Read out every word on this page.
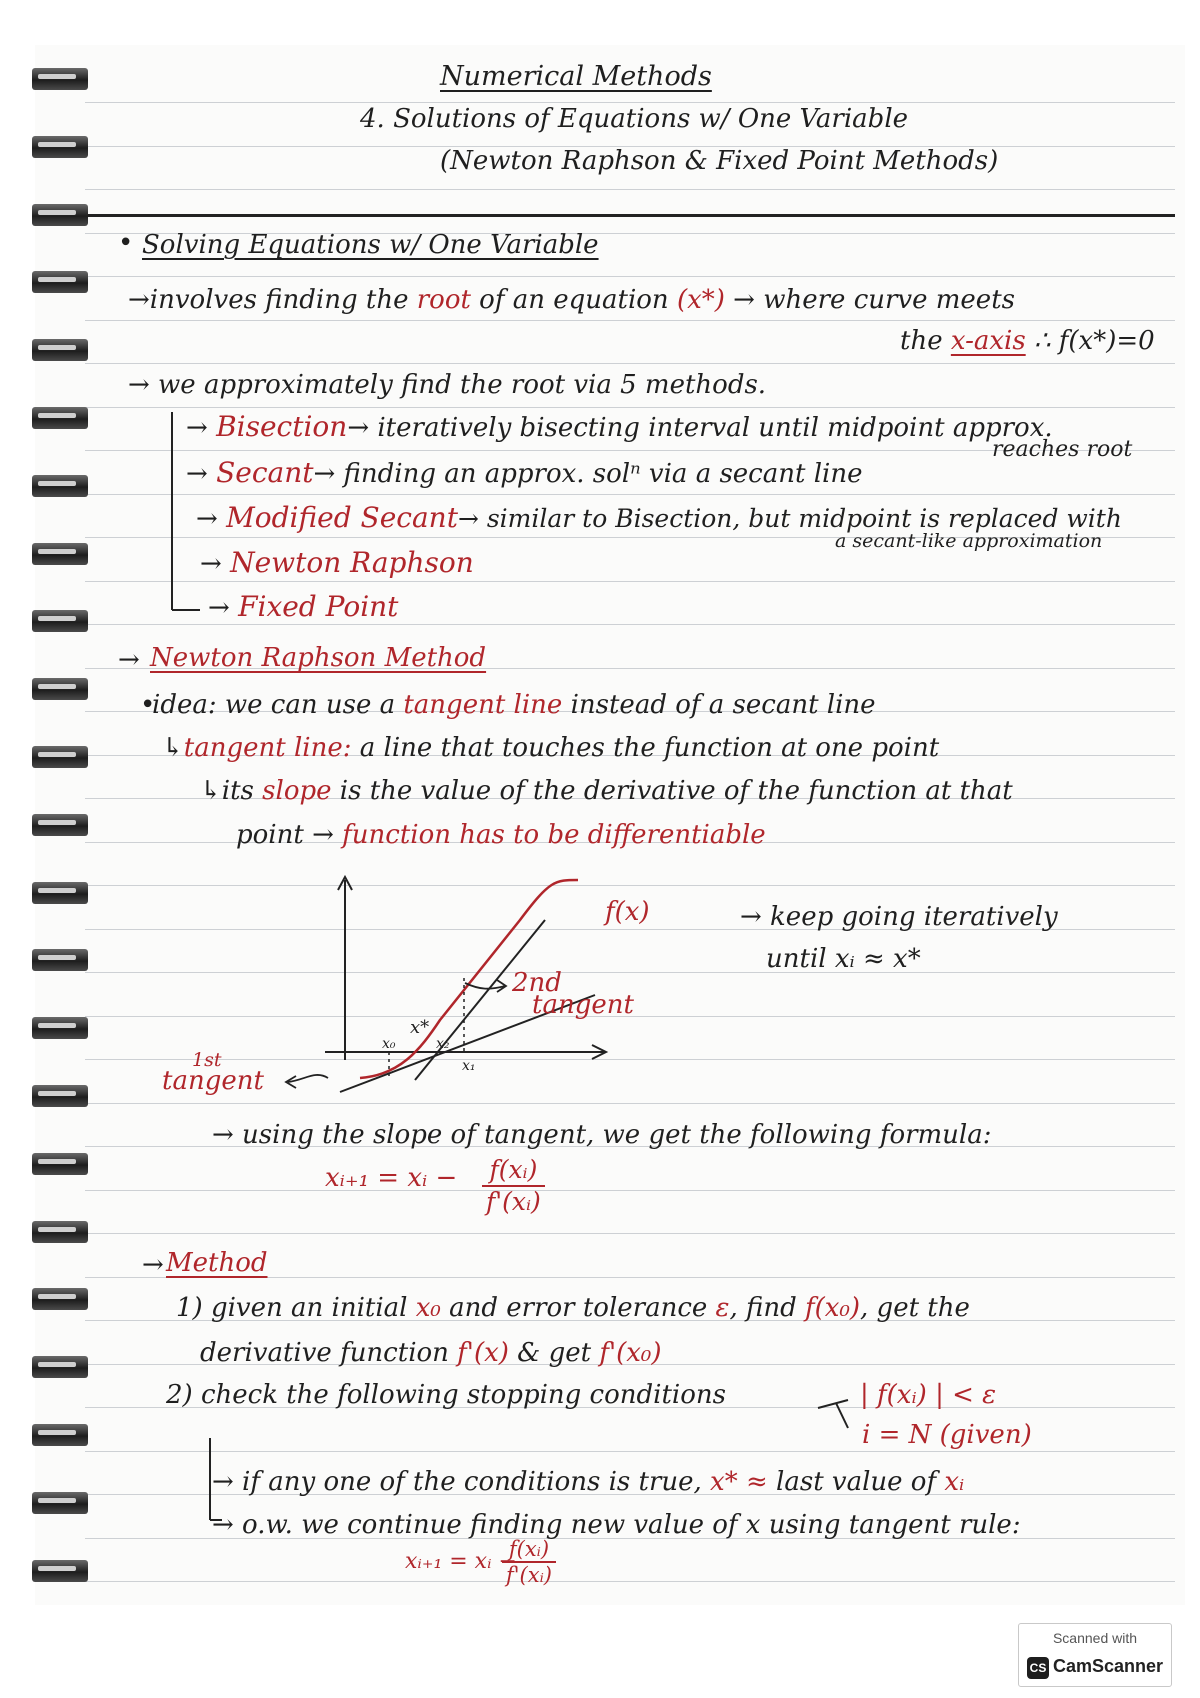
Numerical Methods
4. Solutions of Equations w/ One Variable
(Newton Raphson & Fixed Point Methods)
• Solving Equations w/ One Variable
→involves finding the root of an equation (x*) → where curve meets
the x-axis ∴ f(x*)=0
→ we approximately find the root via 5 methods.
→ Bisection→ iteratively bisecting interval until midpoint approx.
reaches root
→ Secant→ finding an approx. solⁿ via a secant line
→ Modified Secant→ similar to Bisection, but midpoint is replaced with
a secant-like approximation
→ Newton Raphson
→ Fixed Point
→ Newton Raphson Method
•
idea: we can use a tangent line instead of a secant line
↳tangent line: a line that touches the function at one point
↳its slope is the value of the derivative of the function at that
point → function has to be differentiable
f(x)
x₀
x*
x₂
x₁
1st
tangent
2nd
tangent
→ keep going iteratively
until xᵢ ≈ x*
→ using the slope of tangent, we get the following formula:
xᵢ₊₁ = xᵢ − $\frac{\text{f(xᵢ)}}{\text{f'(xᵢ)}}$
→ Method
1) given an initial x₀ and error tolerance ε, find f(x₀), get the
derivative function f'(x) & get f'(x₀)
2) check the following stopping conditions	| f(xᵢ) | < ε
i = N (given)
→ if any one of the conditions is true, x* ≈ last value of xᵢ
→ o.w. we continue finding new value of x using tangent rule:
xᵢ₊₁ = xᵢ −
$\frac{\text{f(xᵢ)}}{\text{f'(xᵢ)}}$
Scanned with
CS CamScanner
